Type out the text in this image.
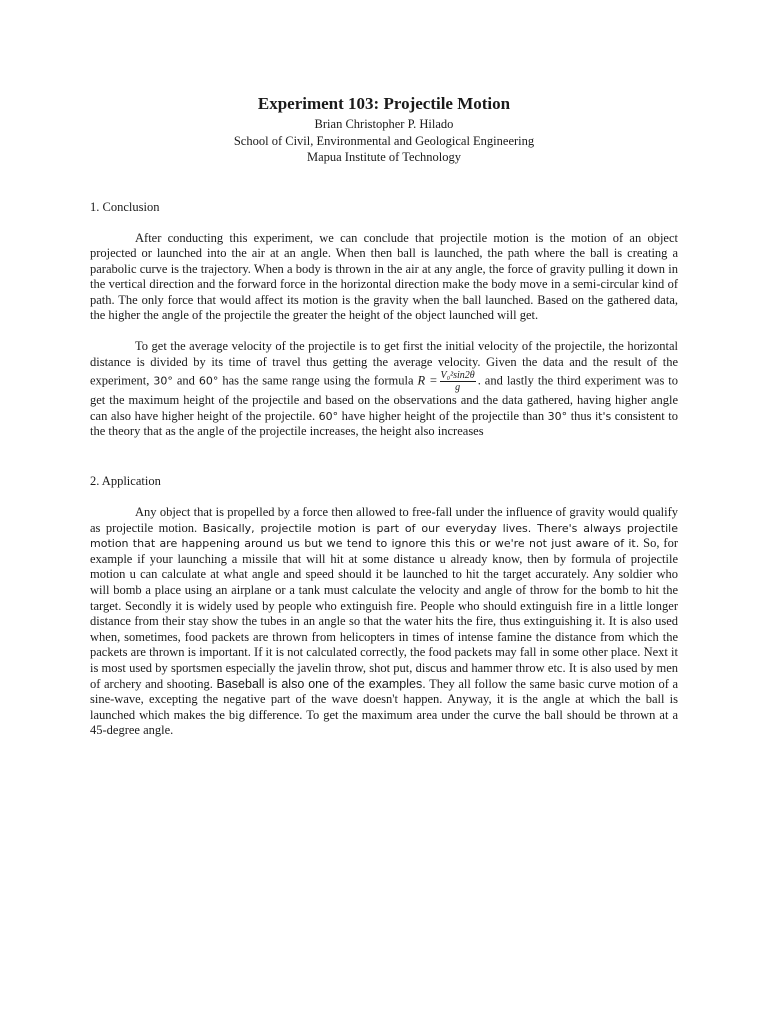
Experiment 103: Projectile Motion
Brian Christopher P. Hilado
School of Civil, Environmental and Geological Engineering
Mapua Institute of Technology
1. Conclusion

After conducting this experiment, we can conclude that projectile motion is the motion of an object projected or launched into the air at an angle. When then ball is launched, the path where the ball is creating a parabolic curve is the trajectory. When a body is thrown in the air at any angle, the force of gravity pulling it down in the vertical direction and the forward force in the horizontal direction make the body move in a semi-circular kind of path. The only force that would affect its motion is the gravity when the ball launched. Based on the gathered data, the higher the angle of the projectile the greater the height of the object launched will get.

To get the average velocity of the projectile is to get first the initial velocity of the projectile, the horizontal distance is divided by its time of travel thus getting the average velocity. Given the data and the result of the experiment, 30° and 60° has the same range using the formula $R = \frac{\text{V₀²sin2θ}}{g}$ . and lastly the third experiment was to get the maximum height of the projectile and based on the observations and the data gathered, having higher angle can also have higher height of the projectile. 60° have higher height of the projectile than 30° thus it's consistent to the theory that as the angle of the projectile increases, the height also increases

2. Application

Any object that is propelled by a force then allowed to free-fall under the influence of gravity would qualify as projectile motion. Basically, projectile motion is part of our everyday lives. There's always projectile motion that are happening around us but we tend to ignore this this or we're not just aware of it. So, for example if your launching a missile that will hit at some distance u already know, then by formula of projectile motion u can calculate at what angle and speed should it be launched to hit the target accurately. Any soldier who will bomb a place using an airplane or a tank must calculate the velocity and angle of throw for the bomb to hit the target. Secondly it is widely used by people who extinguish fire. People who should extinguish fire in a little longer distance from their stay show the tubes in an angle so that the water hits the fire, thus extinguishing it. It is also used when, sometimes, food packets are thrown from helicopters in times of intense famine the distance from which the packets are thrown is important. If it is not calculated correctly, the food packets may fall in some other place. Next it is most used by sportsmen especially the javelin throw, shot put, discus and hammer throw etc. It is also used by men of archery and shooting. Baseball is also one of the examples. They all follow the same basic curve motion of a sine-wave, excepting the negative part of the wave doesn't happen. Anyway, it is the angle at which the ball is launched which makes the big difference. To get the maximum area under the curve the ball should be thrown at a 45-degree angle.
